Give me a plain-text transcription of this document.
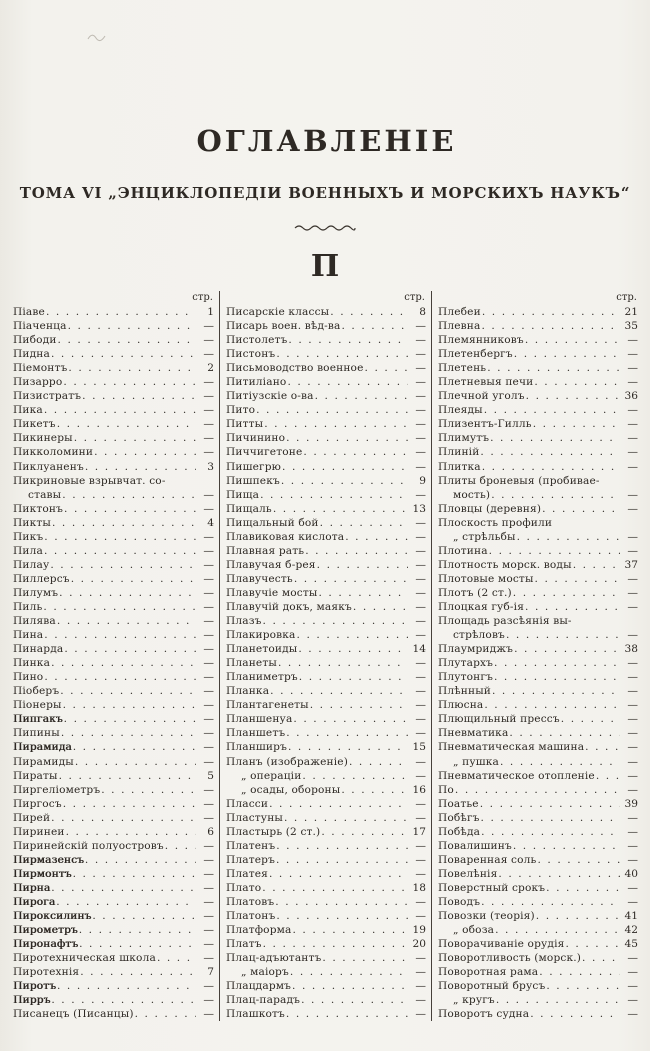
ОГЛАВЛЕНІЕ
ТОМА VI „ЭНЦИКЛОПЕДІИ ВОЕННЫХЪ И МОРСКИХЪ НАУКЪ“
П
стр.
Піаве . . .	1
Піаченца . . .	—
Пибоди . . .	—
Пидна . . .	—
Піемонтъ . . .	2
Пизарро . . .	—
Пизистратъ . . .	—
Пика . . .	—
Пикетъ . . .	—
Пикинеры . . .	—
Пикколомини . . .	—
Пиклуаненъ . . .	3
Пикриновые взрывчат. со-
ставы . . .	—
Пиктонъ . . .	—
Пикты . . .	4
Пикъ . . .	—
Пила . . .	—
Пилау . . .	—
Пиллерсъ . . .	—
Пилумъ . . .	—
Пиль . . .	—
Пилява . . .	—
Пина . . .	—
Пинарда . . .	—
Пинка . . .	—
Пино . . .	—
Піоберъ . . .	—
Піонеры . . .	—
Пипгакъ . . .	—
Пипины . . .	—
Пирамида . . .	—
Пирамиды . . .	—
Пираты . . .	5
Пиргеліометръ . . .	—
Пиргосъ . . .	—
Пирей . . .	—
Пиринеи . . .	6
Пиринейскій полуостровъ . . .	—
Пирмазенсъ . . .	—
Пирмонтъ . . .	—
Пирна . . .	—
Пирога . . .	—
Пироксилинъ . . .	—
Пирометръ . . .	—
Пиронафтъ . . .	—
Пиротехническая школа . . .	—
Пиротехнія . . .	7
Пиротъ . . .	—
Пирръ . . .	—
Писанецъ (Писанцы) . . .	—
стр.
Писарскіе классы . . .	8
Писарь воен. вѣд-ва . . .	—
Пистолетъ . . .	—
Пистонъ . . .	—
Письмоводство военное . . .	—
Питиліано . . .	—
Питіузскіе о-ва . . .	—
Пито . . .	—
Питты . . .	—
Пичинино . . .	—
Пиччигетоне . . .	—
Пишегрю . . .	—
Пишпекъ . . .	9
Пища . . .	—
Пищаль . . .	13
Пищальный бой . . .	—
Плавиковая кислота . . .	—
Плавная рать . . .	—
Плавучая б-рея . . .	—
Плавучесть . . .	—
Плавучіе мосты . . .	—
Плавучій докъ, маякъ . . .	—
Плазъ . . .	—
Плакировка . . .	—
Планетоиды . . .	14
Планеты . . .	—
Планиметръ . . .	—
Планка . . .	—
Плантагенеты . . .	—
Планшенуа . . .	—
Планшетъ . . .	—
Планширъ . . .	15
Планъ (изображеніе) . . .	—
„ операціи . . .	—
„ осады, обороны . . .	16
Пласси . . .	—
Пластуны . . .	—
Пластырь (2 ст.) . . .	17
Платенъ . . .	—
Платеръ . . .	—
Платея . . .	—
Плато . . .	18
Платовъ . . .	—
Платонъ . . .	—
Платформа . . .	19
Платъ . . .	20
Плац-адъютантъ . . .	—
„ маіоръ . . .	—
Плацдармъ . . .	—
Плац-парадъ . . .	—
Плашкотъ . . .	—
стр.
Плебеи . . .	21
Плевна . . .	35
Племянниковъ . . .	—
Плетенбергъ . . .	—
Плетень . . .	—
Плетневыя печи . . .	—
Плечной уголъ . . .	36
Плеяды . . .	—
Плизентъ-Гилль . . .	—
Плимутъ . . .	—
Плиній . . .	—
Плитка . . .	—
Плиты броневыя (пробивае-
мость) . . .	—
Пловцы (деревня) . . .	—
Плоскость профили
„ стрѣльбы . . .	—
Плотина . . .	—
Плотность морск. воды . . .	37
Плотовые мосты . . .	—
Плотъ (2 ст.) . . .	—
Плоцкая губ-ія . . .	—
Площадь разсѣянія вы-
стрѣловъ . . .	—
Плаумриджъ . . .	38
Плутархъ . . .	—
Плутонгъ . . .	—
Плѣнный . . .	—
Плюсна . . .	—
Плющильный прессъ . . .	—
Пневматика . . .	—
Пневматическая машина . . .	—
„ пушка . . .	—
Пневматическое отопленіе . . .	—
По . . .	—
Поатье . . .	39
Побѣгъ . . .	—
Побѣда . . .	—
Повалишинъ . . .	—
Поваренная соль . . .	—
Повелѣнія . . .	40
Поверстный срокъ . . .	—
Поводъ . . .	—
Повозки (теорія) . . .	41
„ обоза . . .	42
Поворачиваніе орудія . . .	45
Поворотливость (морск.) . . .	—
Поворотная рама . . .	—
Поворотный брусъ . . .	—
„ кругъ . . .	—
Поворотъ судна . . .	—
